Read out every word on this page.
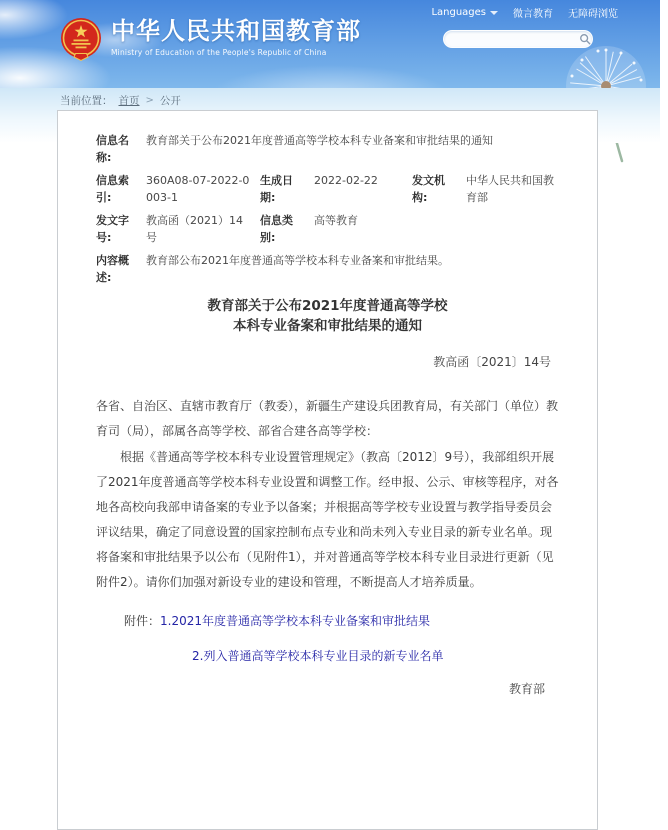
Languages	微言教育 无障碍浏览
中华人民共和国教育部
Ministry of Education of the People's Republic of China
当前位置： 首页 > 公开
信息名称:
教育部关于公布2021年度普通高等学校本科专业备案和审批结果的通知
信息索引:
360A08-07-2022-0003-1
生成日期:
2022-02-22	发文机构:
中华人民共和国教育部
发文字号:
教高函（2021）14号
信息类别:
高等教育
内容概述:
教育部公布2021年度普通高等学校本科专业备案和审批结果。
教育部关于公布2021年度普通高等学校
本科专业备案和审批结果的通知
教高函〔2021〕14号

各省、自治区、直辖市教育厅（教委），新疆生产建设兵团教育局，有关部门（单位）教育司（局），部属各高等学校、部省合建各高等学校：

根据《普通高等学校本科专业设置管理规定》（教高〔2012〕9号），我部组织开展了2021年度普通高等学校本科专业设置和调整工作。经申报、公示、审核等程序，对各地各高校向我部申请备案的专业予以备案；并根据高等学校专业设置与教学指导委员会评议结果，确定了同意设置的国家控制布点专业和尚未列入专业目录的新专业名单。现将备案和审批结果予以公布（见附件1），并对普通高等学校本科专业目录进行更新（见附件2）。请你们加强对新设专业的建设和管理，不断提高人才培养质量。

附件：1.2021年度普通高等学校本科专业备案和审批结果
2.列入普通高等学校本科专业目录的新专业名单
教育部
